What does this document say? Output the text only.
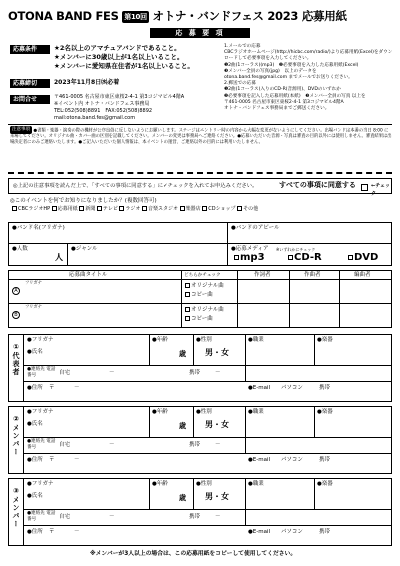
OTONA BAND FES 第10回 オトナ・バンドフェス 2023 応募用紙
応 募 要 項
応募条件	★2名以上のアマチュアバンドであること。
★メンバーに30歳以上が1名以上いること。
★メンバーに愛知県在住者が1名以上いること。
応募締切	2023年11月8日㈬必着
お問合せ	〒461-0005 名古屋市東区東桜2-4-1 第3コジマビル4階A
※イベント内 オトナ・バンドフェス事務局
TEL:052(508)8891　FAX:052(508)8892
mail:otona.band.fes@gmail.com
1.メールでの応募
CBCラジオホームページ(http://hicbc.com/radio/)より応募用紙(Excel)をダウンロードして必要事項を入力してください。
❶2曲(1コーラス)(mp3)　❷必要事項を入力した応募用紙(Excel)
❸メンバー全員の写真(jpg)　以上のデータを
otona.band.fes@gmail.com までメールでお送りください。
2.郵送での応募
❶2曲(1コーラス)入りのCD-R(音源用)、DVDのいずれか
❷必要事項を記入した応募用紙(本紙)　❸メンバー全員の写真 以上を
〒461-0005 名古屋市東区東桜2-4-1 第3コジマビル4階A
オトナ・バンドフェス事務局までご郵送ください。
注意事項 ●書類・楽器・演奏の際の機材が公序良俗に反しないようにお願いします。ステージはエントリー時の内容から大幅な変更がないようにしてください。出場バンドは本番の当日 8:00 に来場してください。オリジナル曲・カバー曲の区別を記載してください。メンバーの変更は事務局へご連絡ください。●応募いただいた音源・写真は審査の目的以外には使用しません。審査結果は出場決定者にのみご連絡いたします。●ご記入いただいた個人情報は、本イベントの運営、ご連絡以外の目的には利用いたしません。
◎上記の注意事項を読んだ上で、「すべての事項に同意する」に✓チェックを入れてお申込みください。	すべての事項に同意する	←チェック
◎このイベントを何でお知りになりましたか？(複数回答可)
CBCラジオHP 応募用紙 新聞 テレビ ラジオ 音楽スタジオ 楽器店 CDショップ その他
●バンド名(フリガナ)	●バンドのアピール
●人数
人
●ジャンル	●応募メディア ※いずれかにチェック
mp3	CD-R	DVD
応募曲タイトル	どちらかチェック	作詞者	作曲者	編曲者
A
フリガナ	オリジナル曲
コピー曲
B
フリガナ	オリジナル曲
コピー曲
①代表者
●フリガナ
●氏名
●年齢
歳
●性別
男・女
●職業	●楽器
●連絡先 電話番号	自宅	－	携帯	－
●住所 〒	－	●E-mail パソコン	携帯
②メンバー
●フリガナ
●氏名
●年齢
歳
●性別
男・女
●職業	●楽器
●連絡先 電話番号	自宅	－	携帯	－
●住所 〒	－	●E-mail パソコン	携帯
③メンバー
●フリガナ
●氏名
●年齢
歳
●性別
男・女
●職業	●楽器
●連絡先 電話番号	自宅	－	携帯	－
●住所 〒	－	●E-mail パソコン	携帯
※メンバーが3人以上の場合は、この応募用紙をコピーして使用してください。
